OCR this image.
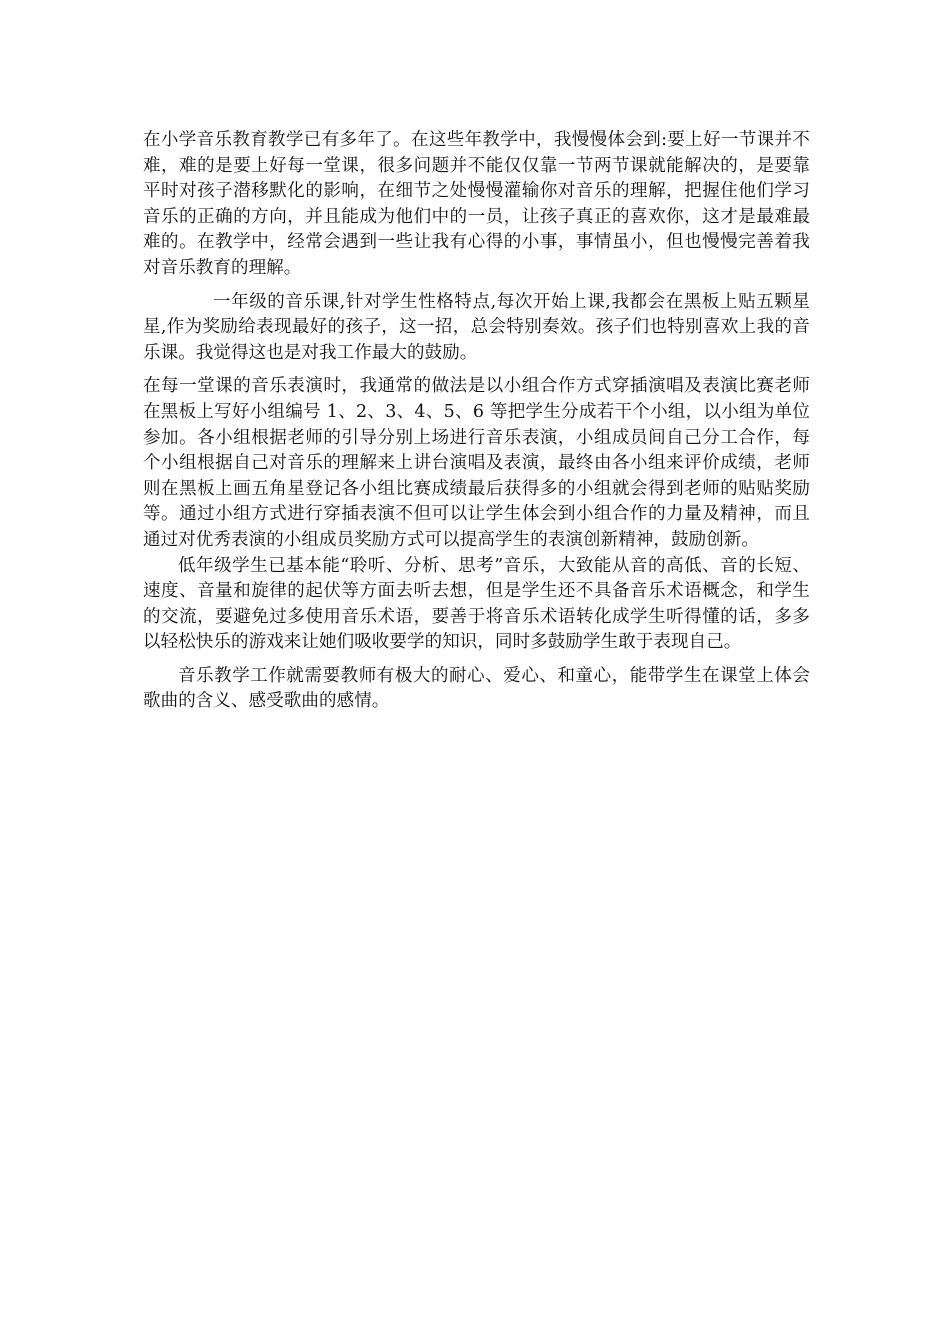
在小学音乐教育教学已有多年了。在这些年教学中，我慢慢体会到:要上好一节课并不难，难的是要上好每一堂课，很多问题并不能仅仅靠一节两节课就能解决的，是要靠平时对孩子潜移默化的影响，在细节之处慢慢灌输你对音乐的理解，把握住他们学习音乐的正确的方向，并且能成为他们中的一员，让孩子真正的喜欢你，这才是最难最难的。在教学中，经常会遇到一些让我有心得的小事，事情虽小，但也慢慢完善着我对音乐教育的理解。

一年级的音乐课,针对学生性格特点,每次开始上课,我都会在黑板上贴五颗星星,作为奖励给表现最好的孩子，这一招，总会特别奏效。孩子们也特别喜欢上我的音乐课。我觉得这也是对我工作最大的鼓励。

在每一堂课的音乐表演时，我通常的做法是以小组合作方式穿插演唱及表演比赛老师在黑板上写好小组编号 1、2、3、4、5、6 等把学生分成若干个小组，以小组为单位参加。各小组根据老师的引导分别上场进行音乐表演，小组成员间自己分工合作，每个小组根据自己对音乐的理解来上讲台演唱及表演，最终由各小组来评价成绩，老师则在黑板上画五角星登记各小组比赛成绩最后获得多的小组就会得到老师的贴贴奖励等。通过小组方式进行穿插表演不但可以让学生体会到小组合作的力量及精神，而且通过对优秀表演的小组成员奖励方式可以提高学生的表演创新精神，鼓励创新。

低年级学生已基本能“聆听、分析、思考”音乐，大致能从音的高低、音的长短、速度、音量和旋律的起伏等方面去听去想，但是学生还不具备音乐术语概念，和学生的交流，要避免过多使用音乐术语，要善于将音乐术语转化成学生听得懂的话，多多以轻松快乐的游戏来让她们吸收要学的知识，同时多鼓励学生敢于表现自己。

音乐教学工作就需要教师有极大的耐心、爱心、和童心，能带学生在课堂上体会歌曲的含义、感受歌曲的感情。
